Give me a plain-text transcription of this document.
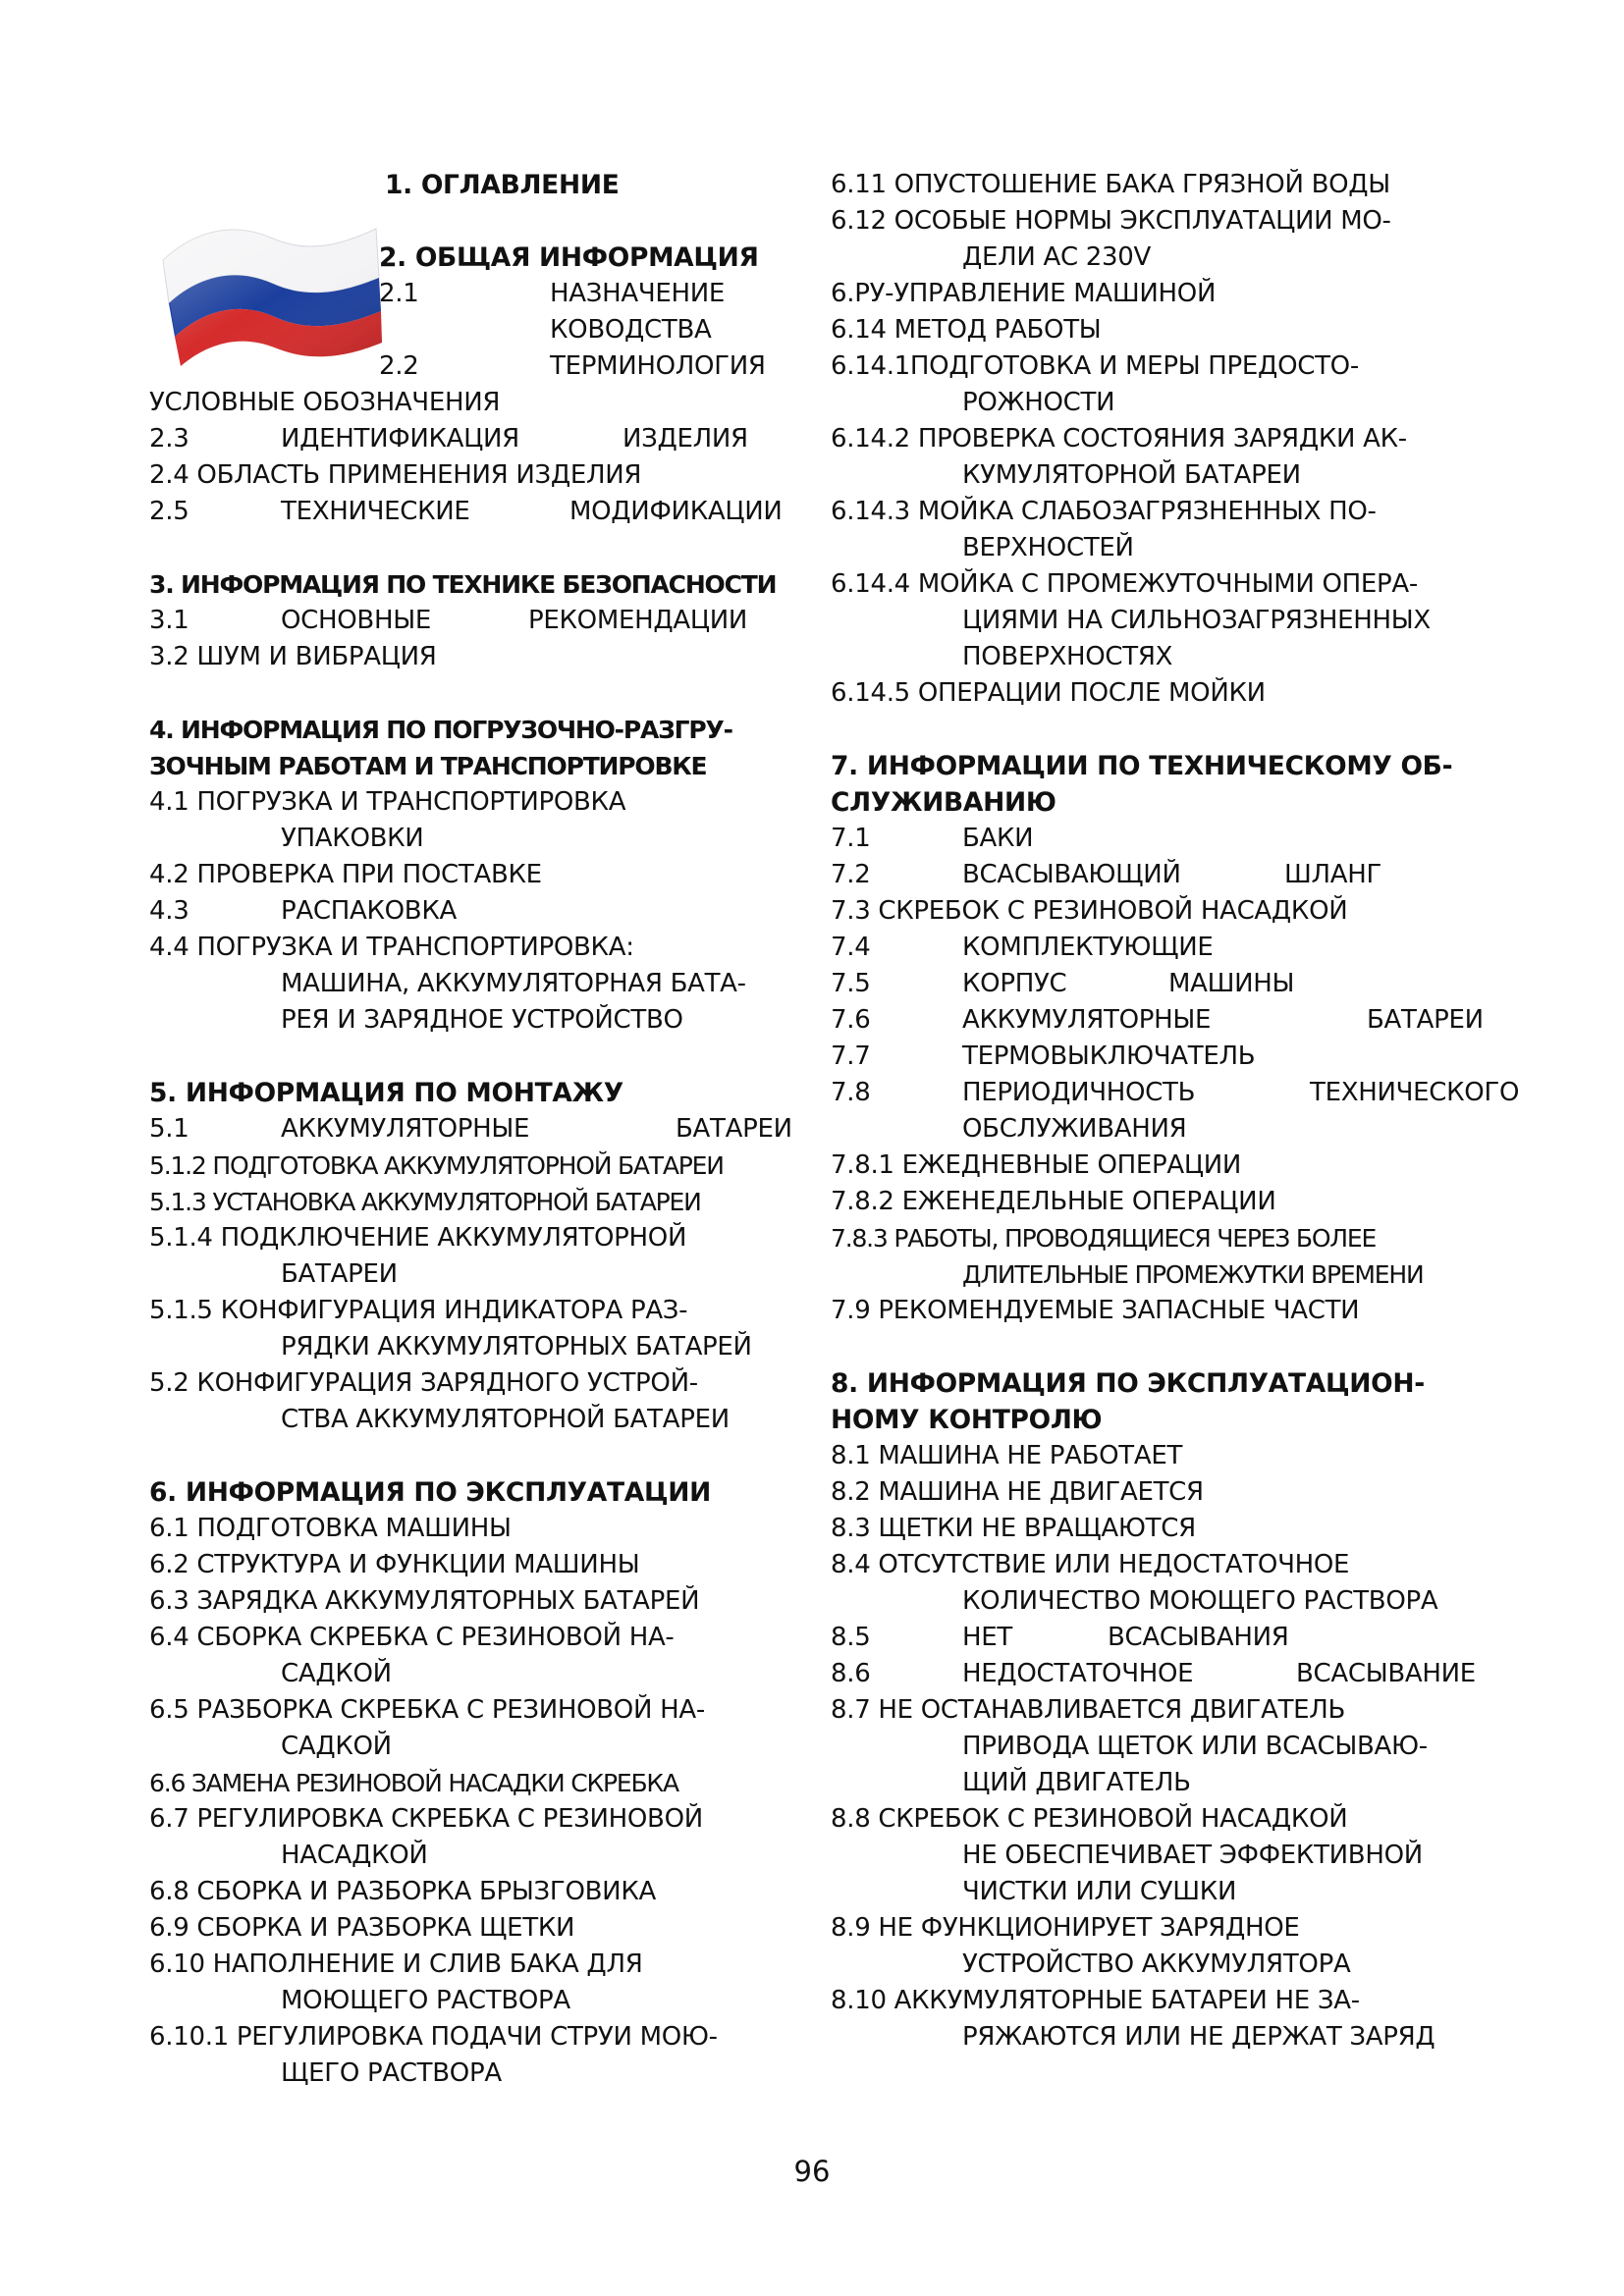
1. ОГЛАВЛЕНИЕ
2. ОБЩАЯ ИНФОРМАЦИЯ
2.1	НАЗНАЧЕНИЕ
КОВОДСТВА
2.2	ТЕРМИНОЛОГИЯ
УСЛОВНЫЕ ОБОЗНАЧЕНИЯ
2.3	ИДЕНТИФИКАЦИЯ	ИЗДЕЛИЯ
2.4 ОБЛАСТЬ ПРИМЕНЕНИЯ ИЗДЕЛИЯ
2.5	ТЕХНИЧЕСКИЕ	МОДИФИКАЦИИ
3. ИНФОРМАЦИЯ ПО ТЕХНИКЕ БЕЗОПАСНОСТИ
3.1	ОСНОВНЫЕ	РЕКОМЕНДАЦИИ
3.2 ШУМ И ВИБРАЦИЯ
4. ИНФОРМАЦИЯ ПО ПОГРУЗОЧНО-РАЗГРУ-
ЗОЧНЫМ РАБОТАМ И ТРАНСПОРТИРОВКЕ
4.1 ПОГРУЗКА И ТРАНСПОРТИРОВКА
УПАКОВКИ
4.2 ПРОВЕРКА ПРИ ПОСТАВКЕ
4.3	РАСПАКОВКА
4.4 ПОГРУЗКА И ТРАНСПОРТИРОВКА:
МАШИНА, АККУМУЛЯТОРНАЯ БАТА-
РЕЯ И ЗАРЯДНОЕ УСТРОЙСТВО
5. ИНФОРМАЦИЯ ПО МОНТАЖУ
5.1	АККУМУЛЯТОРНЫЕ	БАТАРЕИ
5.1.2 ПОДГОТОВКА АККУМУЛЯТОРНОЙ БАТАРЕИ
5.1.3 УСТАНОВКА АККУМУЛЯТОРНОЙ БАТАРЕИ
5.1.4 ПОДКЛЮЧЕНИЕ АККУМУЛЯТОРНОЙ
БАТАРЕИ
5.1.5 КОНФИГУРАЦИЯ ИНДИКАТОРА РАЗ-
РЯДКИ АККУМУЛЯТОРНЫХ БАТАРЕЙ
5.2 КОНФИГУРАЦИЯ ЗАРЯДНОГО УСТРОЙ-
СТВА АККУМУЛЯТОРНОЙ БАТАРЕИ
6. ИНФОРМАЦИЯ ПО ЭКСПЛУАТАЦИИ
6.1 ПОДГОТОВКА МАШИНЫ
6.2 СТРУКТУРА И ФУНКЦИИ МАШИНЫ
6.3 ЗАРЯДКА АККУМУЛЯТОРНЫХ БАТАРЕЙ
6.4 СБОРКА СКРЕБКА С РЕЗИНОВОЙ НА-
САДКОЙ
6.5 РАЗБОРКА СКРЕБКА С РЕЗИНОВОЙ НА-
САДКОЙ
6.6 ЗАМЕНА РЕЗИНОВОЙ НАСАДКИ СКРЕБКА
6.7 РЕГУЛИРОВКА СКРЕБКА С РЕЗИНОВОЙ
НАСАДКОЙ
6.8 СБОРКА И РАЗБОРКА БРЫЗГОВИКА
6.9 СБОРКА И РАЗБОРКА ЩЕТКИ
6.10 НАПОЛНЕНИЕ И СЛИВ БАКА ДЛЯ
МОЮЩЕГО РАСТВОРА
6.10.1 РЕГУЛИРОВКА ПОДАЧИ СТРУИ МОЮ-
ЩЕГО РАСТВОРА
6.11 ОПУСТОШЕНИЕ БАКА ГРЯЗНОЙ ВОДЫ
6.12 ОСОБЫЕ НОРМЫ ЭКСПЛУАТАЦИИ МО-
ДЕЛИ АС 230V
6.РУ-УПРАВЛЕНИЕ МАШИНОЙ
6.14 МЕТОД РАБОТЫ
6.14.1ПОДГОТОВКА И МЕРЫ ПРЕДОСТО-
РОЖНОСТИ
6.14.2 ПРОВЕРКА СОСТОЯНИЯ ЗАРЯДКИ АК-
КУМУЛЯТОРНОЙ БАТАРЕИ
6.14.3 МОЙКА СЛАБОЗАГРЯЗНЕННЫХ ПО-
ВЕРХНОСТЕЙ
6.14.4 МОЙКА С ПРОМЕЖУТОЧНЫМИ ОПЕРА-
ЦИЯМИ НА СИЛЬНОЗАГРЯЗНЕННЫХ
ПОВЕРХНОСТЯХ
6.14.5 ОПЕРАЦИИ ПОСЛЕ МОЙКИ
7. ИНФОРМАЦИИ ПО ТЕХНИЧЕСКОМУ ОБ-
СЛУЖИВАНИЮ
7.1	БАКИ
7.2	ВСАСЫВАЮЩИЙ	ШЛАНГ
7.3 СКРЕБОК С РЕЗИНОВОЙ НАСАДКОЙ
7.4	КОМПЛЕКТУЮЩИЕ
7.5	КОРПУС	МАШИНЫ
7.6	АККУМУЛЯТОРНЫЕ	БАТАРЕИ
7.7	ТЕРМОВЫКЛЮЧАТЕЛЬ
7.8	ПЕРИОДИЧНОСТЬ	ТЕХНИЧЕСКОГО
ОБСЛУЖИВАНИЯ
7.8.1 ЕЖЕДНЕВНЫЕ ОПЕРАЦИИ
7.8.2 ЕЖЕНЕДЕЛЬНЫЕ ОПЕРАЦИИ
7.8.3 РАБОТЫ, ПРОВОДЯЩИЕСЯ ЧЕРЕЗ БОЛЕЕ
ДЛИТЕЛЬНЫЕ ПРОМЕЖУТКИ ВРЕМЕНИ
7.9 РЕКОМЕНДУЕМЫЕ ЗАПАСНЫЕ ЧАСТИ
8. ИНФОРМАЦИЯ ПО ЭКСПЛУАТАЦИОН-
НОМУ КОНТРОЛЮ
8.1 МАШИНА НЕ РАБОТАЕТ
8.2 МАШИНА НЕ ДВИГАЕТСЯ
8.3 ЩЕТКИ НЕ ВРАЩАЮТСЯ
8.4 ОТСУТСТВИЕ ИЛИ НЕДОСТАТОЧНОЕ
КОЛИЧЕСТВО МОЮЩЕГО РАСТВОРА
8.5	НЕТ	ВСАСЫВАНИЯ
8.6	НЕДОСТАТОЧНОЕ	ВСАСЫВАНИЕ
8.7 НЕ ОСТАНАВЛИВАЕТСЯ ДВИГАТЕЛЬ
ПРИВОДА ЩЕТОК ИЛИ ВСАСЫВАЮ-
ЩИЙ ДВИГАТЕЛЬ
8.8 СКРЕБОК С РЕЗИНОВОЙ НАСАДКОЙ
НЕ ОБЕСПЕЧИВАЕТ ЭФФЕКТИВНОЙ
ЧИСТКИ ИЛИ СУШКИ
8.9 НЕ ФУНКЦИОНИРУЕТ ЗАРЯДНОЕ
УСТРОЙСТВО АККУМУЛЯТОРА
8.10 АККУМУЛЯТОРНЫЕ БАТАРЕИ НЕ ЗА-
РЯЖАЮТСЯ ИЛИ НЕ ДЕРЖАТ ЗАРЯД
96
